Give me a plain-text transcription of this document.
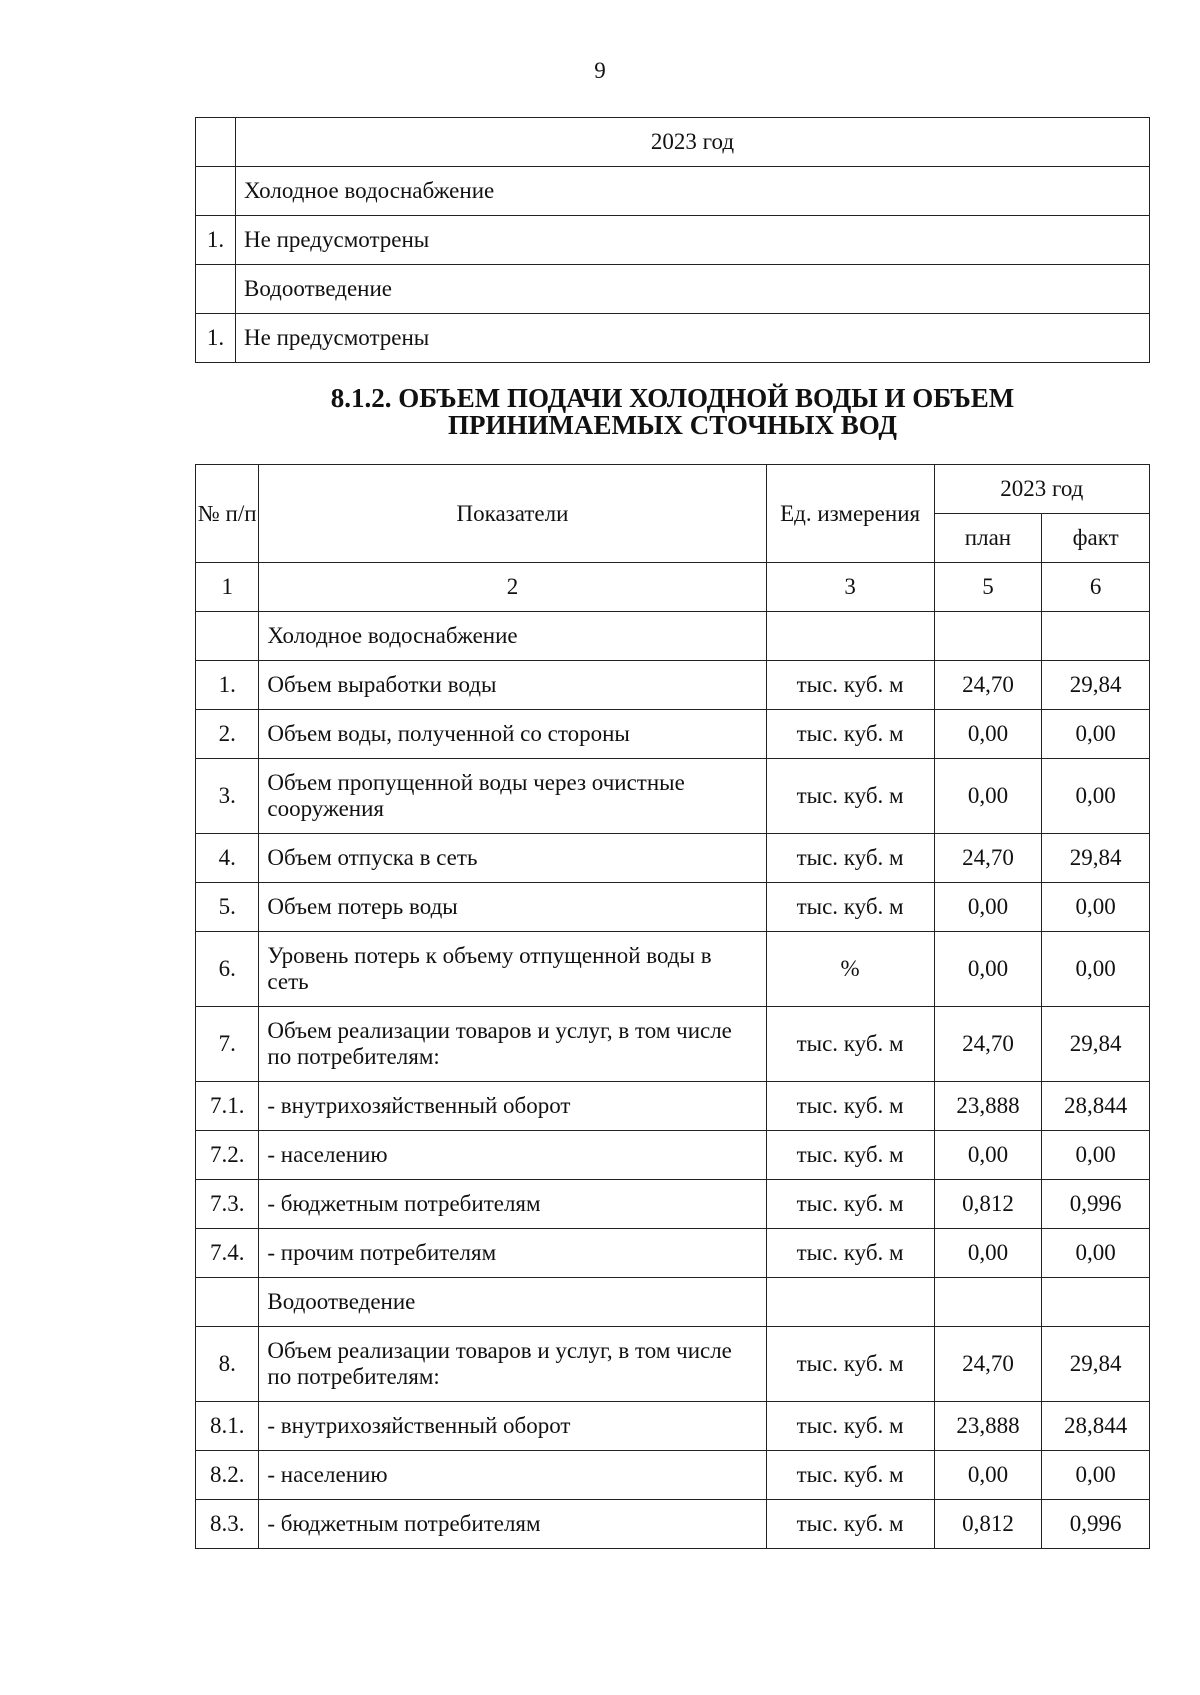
9
	2023 год
	Холодное водоснабжение
1.	Не предусмотрены
	Водоотведение
1.	Не предусмотрены
8.1.2. ОБЪЕМ ПОДАЧИ ХОЛОДНОЙ ВОДЫ И ОБЪЕМ
ПРИНИМАЕМЫХ СТОЧНЫХ ВОД
№ п/п	Показатели	Ед. измерения	2023 год	
			план	факт
1	2	3	5	6
	Холодное водоснабжение			
1.	Объем выработки воды	тыс. куб. м	24,70	29,84
2.	Объем воды, полученной со стороны	тыс. куб. м	0,00	0,00
3.	Объем пропущенной воды через очистные сооружения	тыс. куб. м	0,00	0,00
4.	Объем отпуска в сеть	тыс. куб. м	24,70	29,84
5.	Объем потерь воды	тыс. куб. м	0,00	0,00
6.	Уровень потерь к объему отпущенной воды в сеть	%	0,00	0,00
7.	Объем реализации товаров и услуг, в том числе по потребителям:	тыс. куб. м	24,70	29,84
7.1.	- внутрихозяйственный оборот	тыс. куб. м	23,888	28,844
7.2.	- населению	тыс. куб. м	0,00	0,00
7.3.	- бюджетным потребителям	тыс. куб. м	0,812	0,996
7.4.	- прочим потребителям	тыс. куб. м	0,00	0,00
	Водоотведение			
8.	Объем реализации товаров и услуг, в том числе по потребителям:	тыс. куб. м	24,70	29,84
8.1.	- внутрихозяйственный оборот	тыс. куб. м	23,888	28,844
8.2.	- населению	тыс. куб. м	0,00	0,00
8.3.	- бюджетным потребителям	тыс. куб. м	0,812	0,996
